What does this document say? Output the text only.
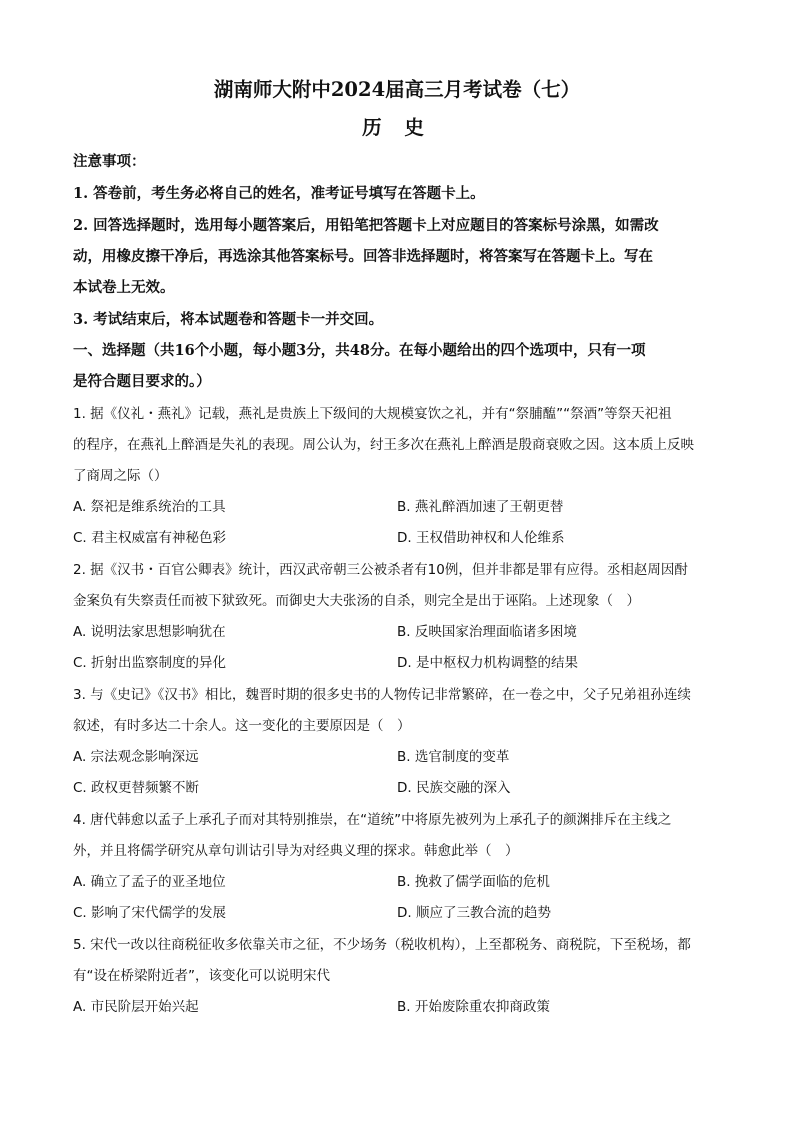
湖南师大附中2024届高三月考试卷（七）
历 史
注意事项：
1. 答卷前，考生务必将自己的姓名，准考证号填写在答题卡上。
2. 回答选择题时，选用每小题答案后，用铅笔把答题卡上对应题目的答案标号涂黑，如需改
动，用橡皮擦干净后，再选涂其他答案标号。回答非选择题时，将答案写在答题卡上。写在
本试卷上无效。
3. 考试结束后，将本试题卷和答题卡一并交回。
一、选择题（共16个小题，每小题3分，共48分。在每小题给出的四个选项中，只有一项
是符合题目要求的。）
1. 据《仪礼・燕礼》记载，燕礼是贵族上下级间的大规模宴饮之礼，并有“祭脯醢”“祭酒”等祭天祀祖
的程序，在燕礼上醉酒是失礼的表现。周公认为，纣王多次在燕礼上醉酒是殷商衰败之因。这本质上反映
了商周之际（）
A. 祭祀是维系统治的工具	B. 燕礼醉酒加速了王朝更替
C. 君主权威富有神秘色彩	D. 王权借助神权和人伦维系
2. 据《汉书・百官公卿表》统计，西汉武帝朝三公被杀者有10例，但并非都是罪有应得。丞相赵周因酎
金案负有失察责任而被下狱致死。而御史大夫张汤的自杀，则完全是出于诬陷。上述现象（　）
A. 说明法家思想影响犹在	B. 反映国家治理面临诸多困境
C. 折射出监察制度的异化	D. 是中枢权力机构调整的结果
3. 与《史记》《汉书》相比，魏晋时期的很多史书的人物传记非常繁碎，在一卷之中，父子兄弟祖孙连续
叙述，有时多达二十余人。这一变化的主要原因是（　）
A. 宗法观念影响深远	B. 选官制度的变革
C. 政权更替频繁不断	D. 民族交融的深入
4. 唐代韩愈以孟子上承孔子而对其特别推崇，在“道统”中将原先被列为上承孔子的颜渊排斥在主线之
外，并且将儒学研究从章句训诂引导为对经典义理的探求。韩愈此举（　）
A. 确立了孟子的亚圣地位	B. 挽救了儒学面临的危机
C. 影响了宋代儒学的发展	D. 顺应了三教合流的趋势
5. 宋代一改以往商税征收多依靠关市之征，不少场务（税收机构），上至都税务、商税院，下至税场，都
有“设在桥梁附近者”，该变化可以说明宋代
A. 市民阶层开始兴起	B. 开始废除重农抑商政策
